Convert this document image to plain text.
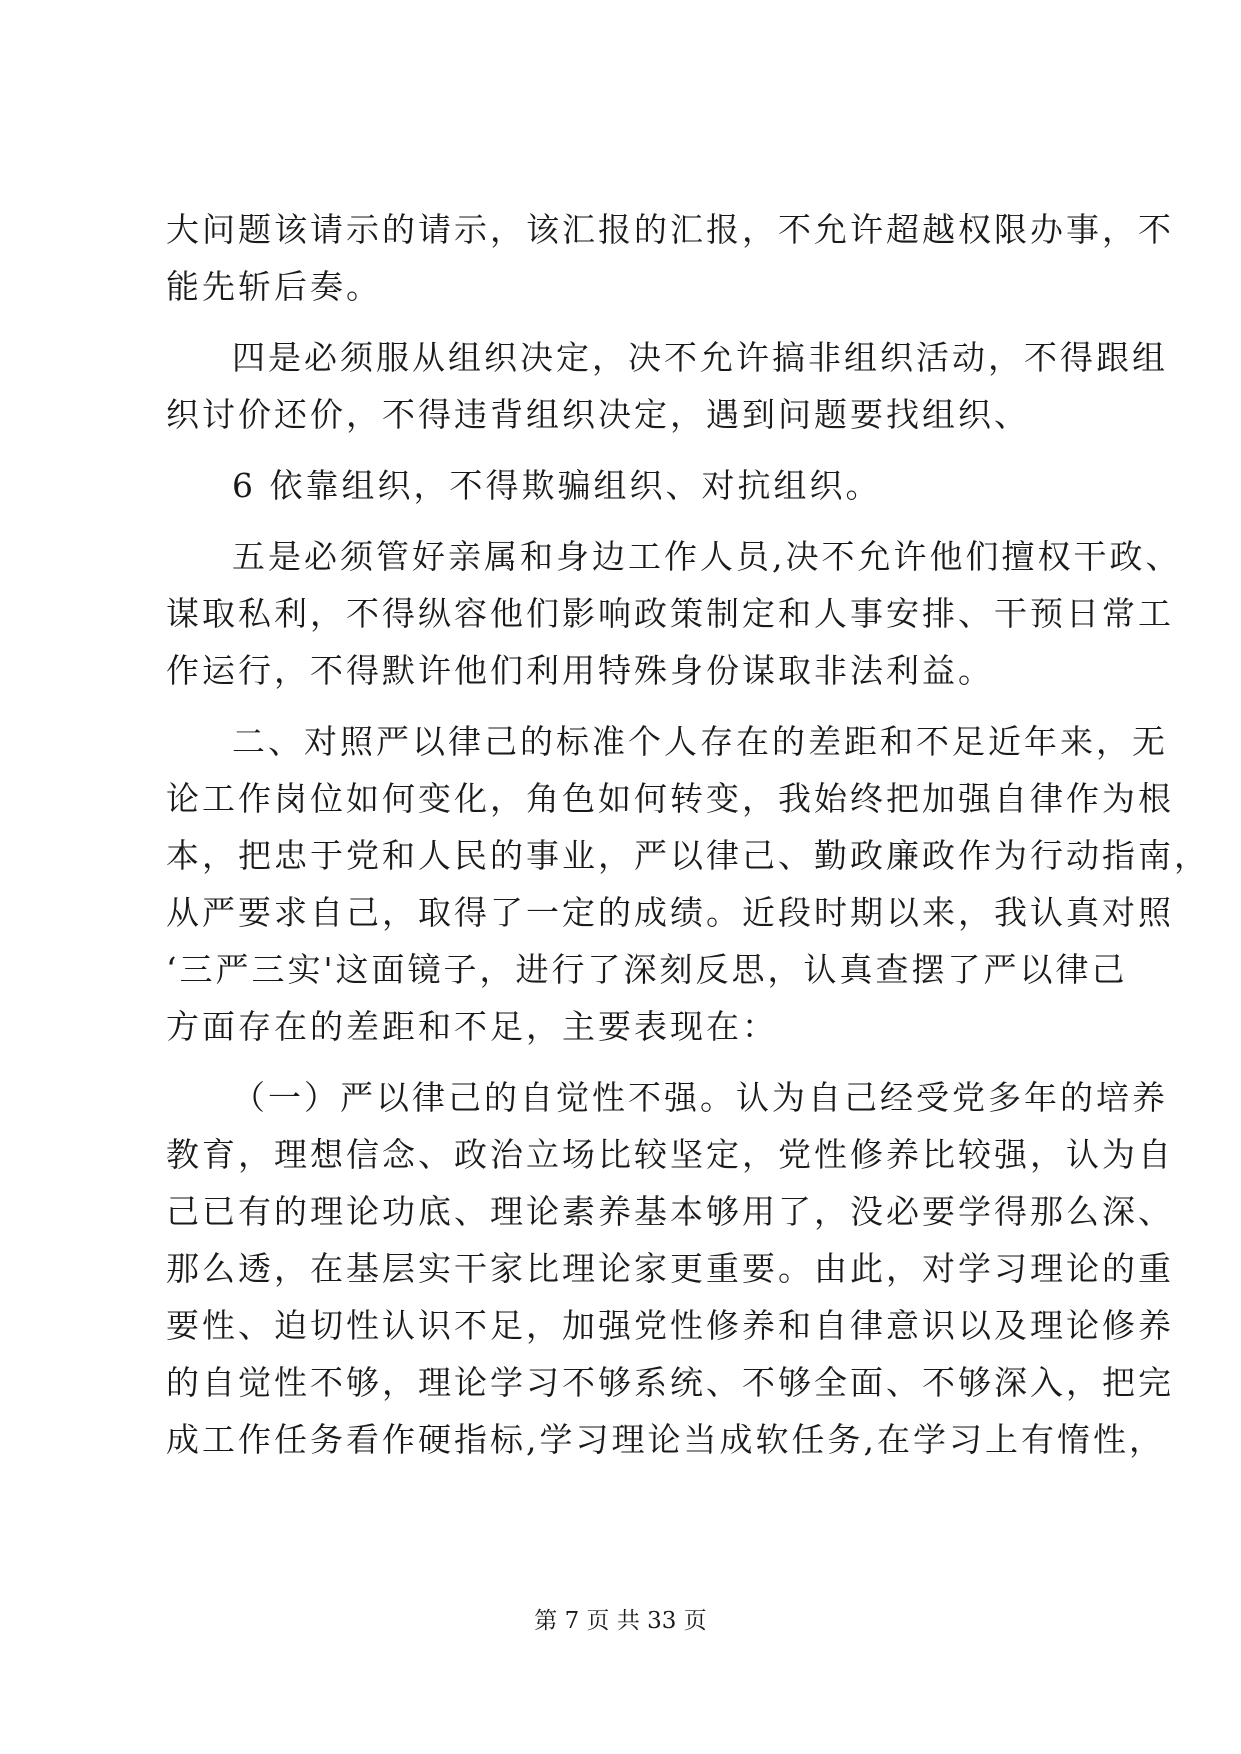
大问题该请示的请示，该汇报的汇报，不允许超越权限办事，不
能先斩后奏。
四是必须服从组织决定，决不允许搞非组织活动，不得跟组
织讨价还价，不得违背组织决定，遇到问题要找组织、
6 依靠组织，不得欺骗组织、对抗组织。
五是必须管好亲属和身边工作人员,决不允许他们擅权干政、
谋取私利，不得纵容他们影响政策制定和人事安排、干预日常工
作运行，不得默许他们利用特殊身份谋取非法利益。
二、对照严以律己的标准个人存在的差距和不足近年来，无
论工作岗位如何变化，角色如何转变，我始终把加强自律作为根
本，把忠于党和人民的事业，严以律己、勤政廉政作为行动指南，
从严要求自己，取得了一定的成绩。近段时期以来，我认真对照
‘三严三实'这面镜子，进行了深刻反思，认真查摆了严以律己
方面存在的差距和不足，主要表现在：
（一）严以律己的自觉性不强。认为自己经受党多年的培养
教育，理想信念、政治立场比较坚定，党性修养比较强，认为自
己已有的理论功底、理论素养基本够用了，没必要学得那么深、
那么透，在基层实干家比理论家更重要。由此，对学习理论的重
要性、迫切性认识不足，加强党性修养和自律意识以及理论修养
的自觉性不够，理论学习不够系统、不够全面、不够深入，把完
成工作任务看作硬指标,学习理论当成软任务,在学习上有惰性，
第 7 页 共 33 页
